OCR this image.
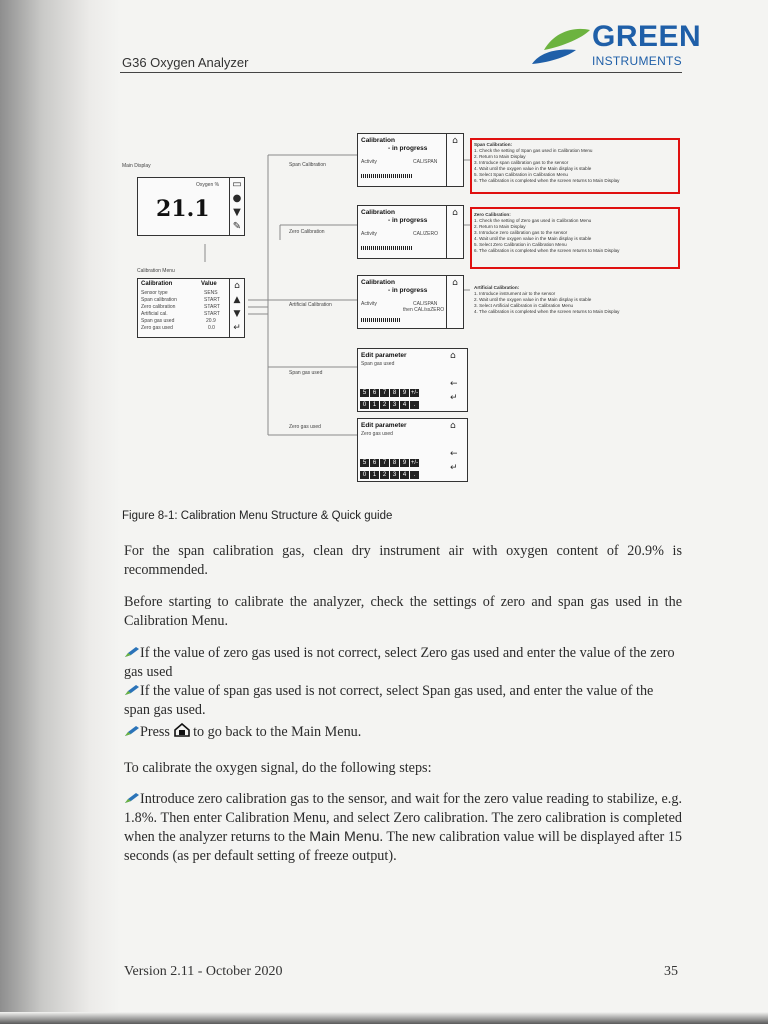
G36 Oxygen Analyzer
GREEN
INSTRUMENTS
Main Display
Oxygen %
21.1
▭
●
▼
✎
Calibration Menu
Calibration	Value
Sensor type	SENS
Span calibration	START
Zero calibration	START
Artificial cal.	START
Span gas used	20.9
Zero gas used	0.0
⌂
▲
▼
↵
Span Calibration
Zero Calibration
Artificial Calibration
Span gas used
Zero gas used
Calibration
- in progress
Activity	CAL/SPAN
⌂
Calibration
- in progress
Activity	CAL/ZERO
⌂
Calibration
- in progress
Activity	CAL/SPAN
then CAL/ssZERO
⌂
Edit parameter
Span gas used
5 6 7 8 9 +/-
0 1 2 3 4 .
⌂
←
↵
Edit parameter
Zero gas used
5 6 7 8 9 +/-
0 1 2 3 4 .
⌂
←
↵
Span Calibration:
1. Check the setting of Span gas used in Calibration Menu
2. Return to Main Display
3. Introduce span calibration gas to the sensor
4. Wait until the oxygen value in the Main display is stable
5. Select Span Calibration in Calibration Menu
6. The calibration is completed when the screen returns to Main Display
Zero Calibration:
1. Check the setting of Zero gas used in Calibration Menu
2. Return to Main Display
3. Introduce zero calibration gas to the sensor
4. Wait until the oxygen value in the Main display is stable
5. Select Zero Calibration in Calibration Menu
6. The calibration is completed when the screen returns to Main Display
Artificial Calibration:
1. Introduce instrument air to the sensor
2. Wait until the oxygen value in the Main display is stable
3. Select Artificial Calibration in Calibration Menu
4. The calibration is completed when the screen returns to Main Display
Figure 8-1: Calibration Menu Structure & Quick guide
For the span calibration gas, clean dry instrument air with oxygen content of 20.9% is recommended.
Before starting to calibrate the analyzer, check the settings of zero and span gas used in the Calibration Menu.
If the value of zero gas used is not correct, select Zero gas used and enter the value of the zero gas used
If the value of span gas used is not correct, select Span gas used, and enter the value of the span gas used.
Press to go back to the Main Menu.
To calibrate the oxygen signal, do the following steps:
Introduce zero calibration gas to the sensor, and wait for the zero value reading to stabilize, e.g. 1.8%. Then enter Calibration Menu, and select Zero calibration. The zero calibration is completed when the analyzer returns to the Main Menu. The new calibration value will be displayed after 15 seconds (as per default setting of freeze output).
Version 2.11 - October 2020	35
